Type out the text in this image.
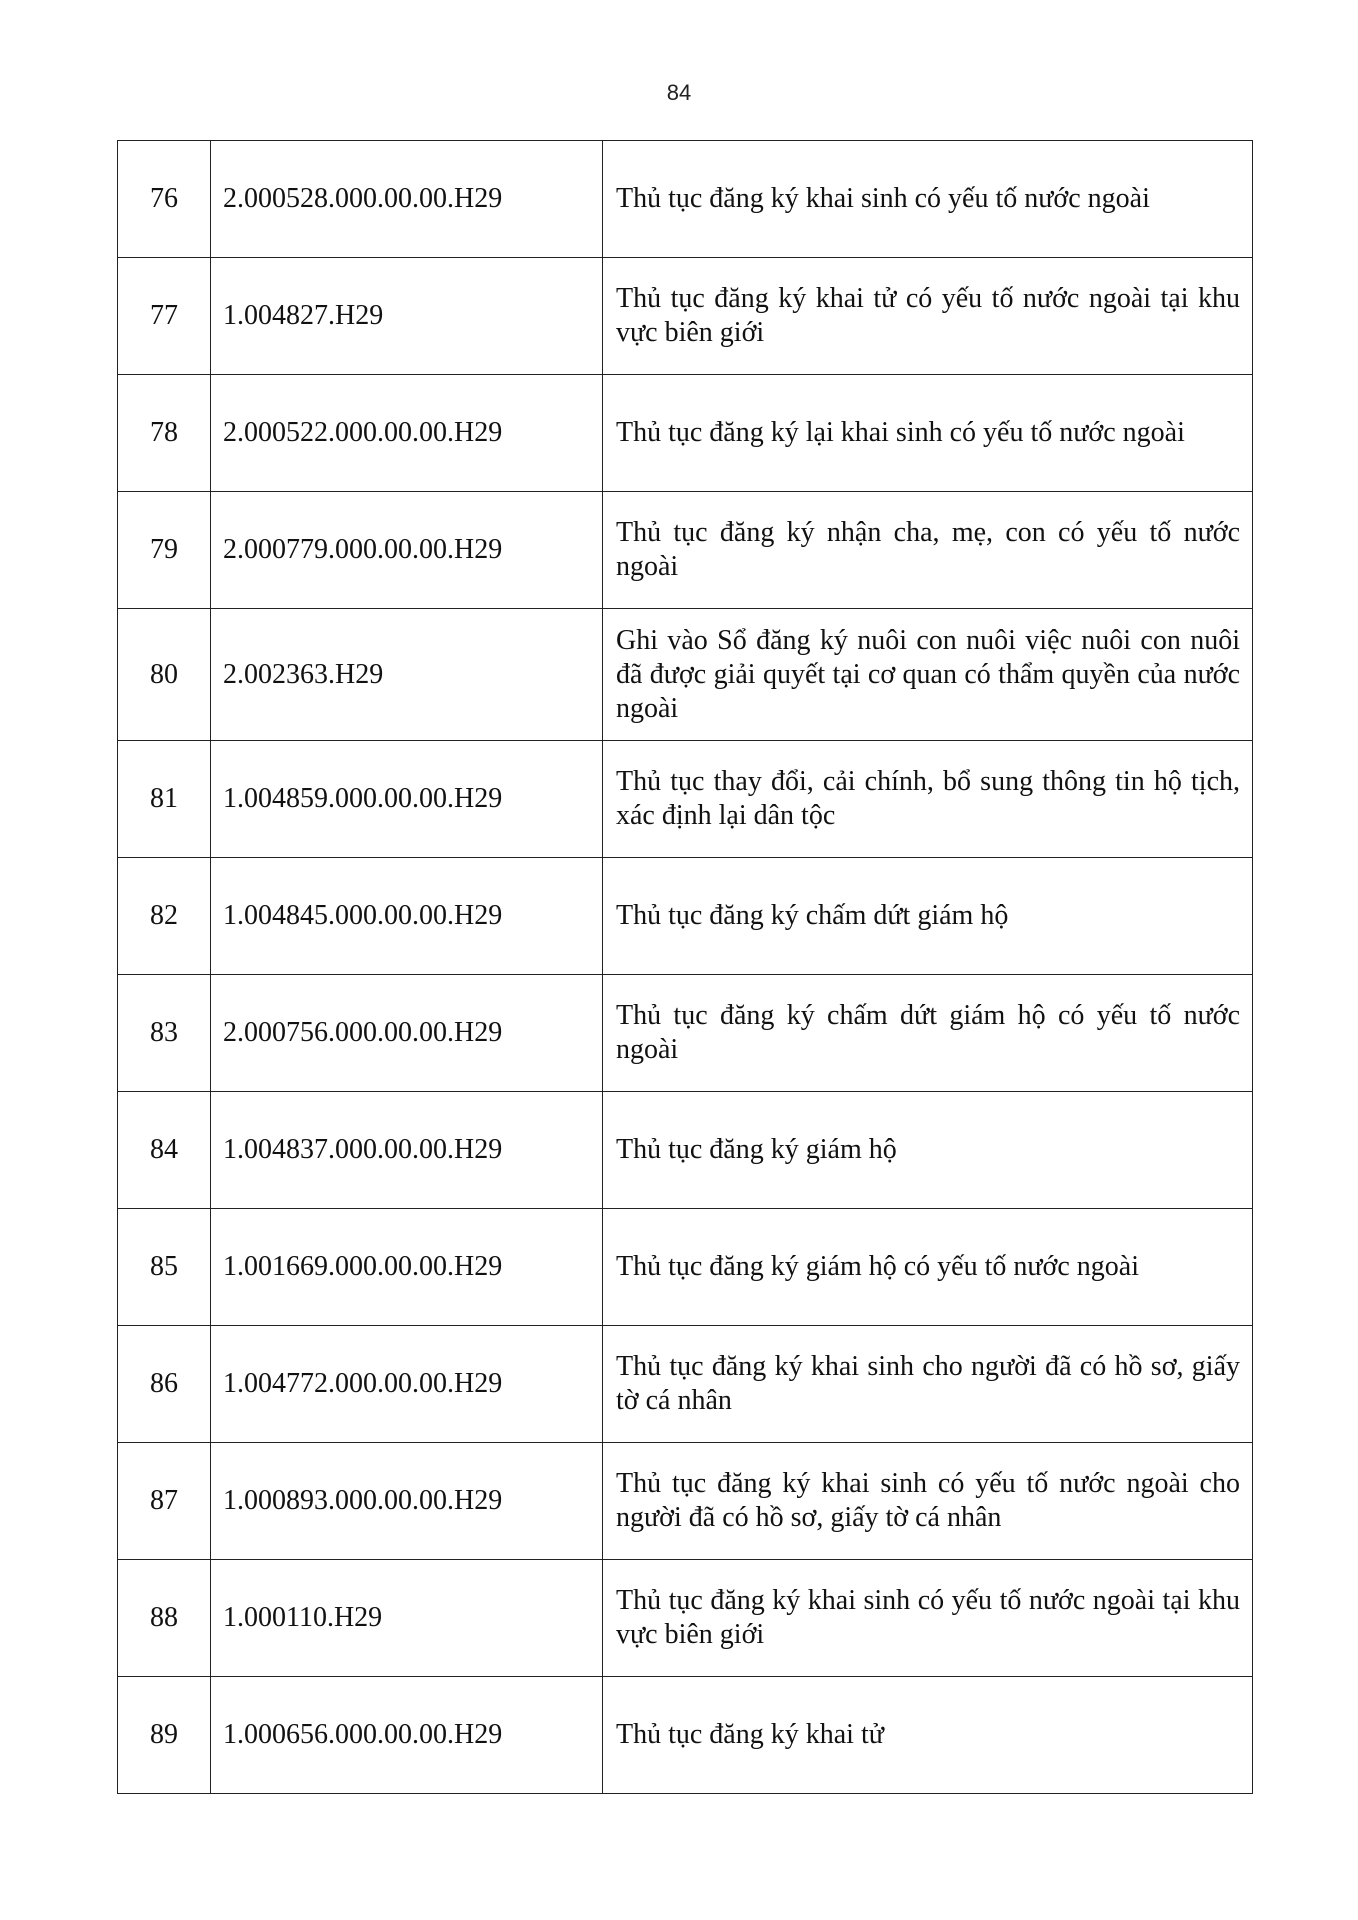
84
76	2.000528.000.00.00.H29	Thủ tục đăng ký khai sinh có yếu tố nước ngoài
77	1.004827.H29	Thủ tục đăng ký khai tử có yếu tố nước ngoài tại khu vực biên giới
78	2.000522.000.00.00.H29	Thủ tục đăng ký lại khai sinh có yếu tố nước ngoài
79	2.000779.000.00.00.H29	Thủ tục đăng ký nhận cha, mẹ, con có yếu tố nước ngoài
80	2.002363.H29	Ghi vào Sổ đăng ký nuôi con nuôi việc nuôi con nuôi đã được giải quyết tại cơ quan có thẩm quyền của nước ngoài
81	1.004859.000.00.00.H29	Thủ tục thay đổi, cải chính, bổ sung thông tin hộ tịch, xác định lại dân tộc
82	1.004845.000.00.00.H29	Thủ tục đăng ký chấm dứt giám hộ
83	2.000756.000.00.00.H29	Thủ tục đăng ký chấm dứt giám hộ có yếu tố nước ngoài
84	1.004837.000.00.00.H29	Thủ tục đăng ký giám hộ
85	1.001669.000.00.00.H29	Thủ tục đăng ký giám hộ có yếu tố nước ngoài
86	1.004772.000.00.00.H29	Thủ tục đăng ký khai sinh cho người đã có hồ sơ, giấy tờ cá nhân
87	1.000893.000.00.00.H29	Thủ tục đăng ký khai sinh có yếu tố nước ngoài cho người đã có hồ sơ, giấy tờ cá nhân
88	1.000110.H29	Thủ tục đăng ký khai sinh có yếu tố nước ngoài tại khu vực biên giới
89	1.000656.000.00.00.H29	Thủ tục đăng ký khai tử
